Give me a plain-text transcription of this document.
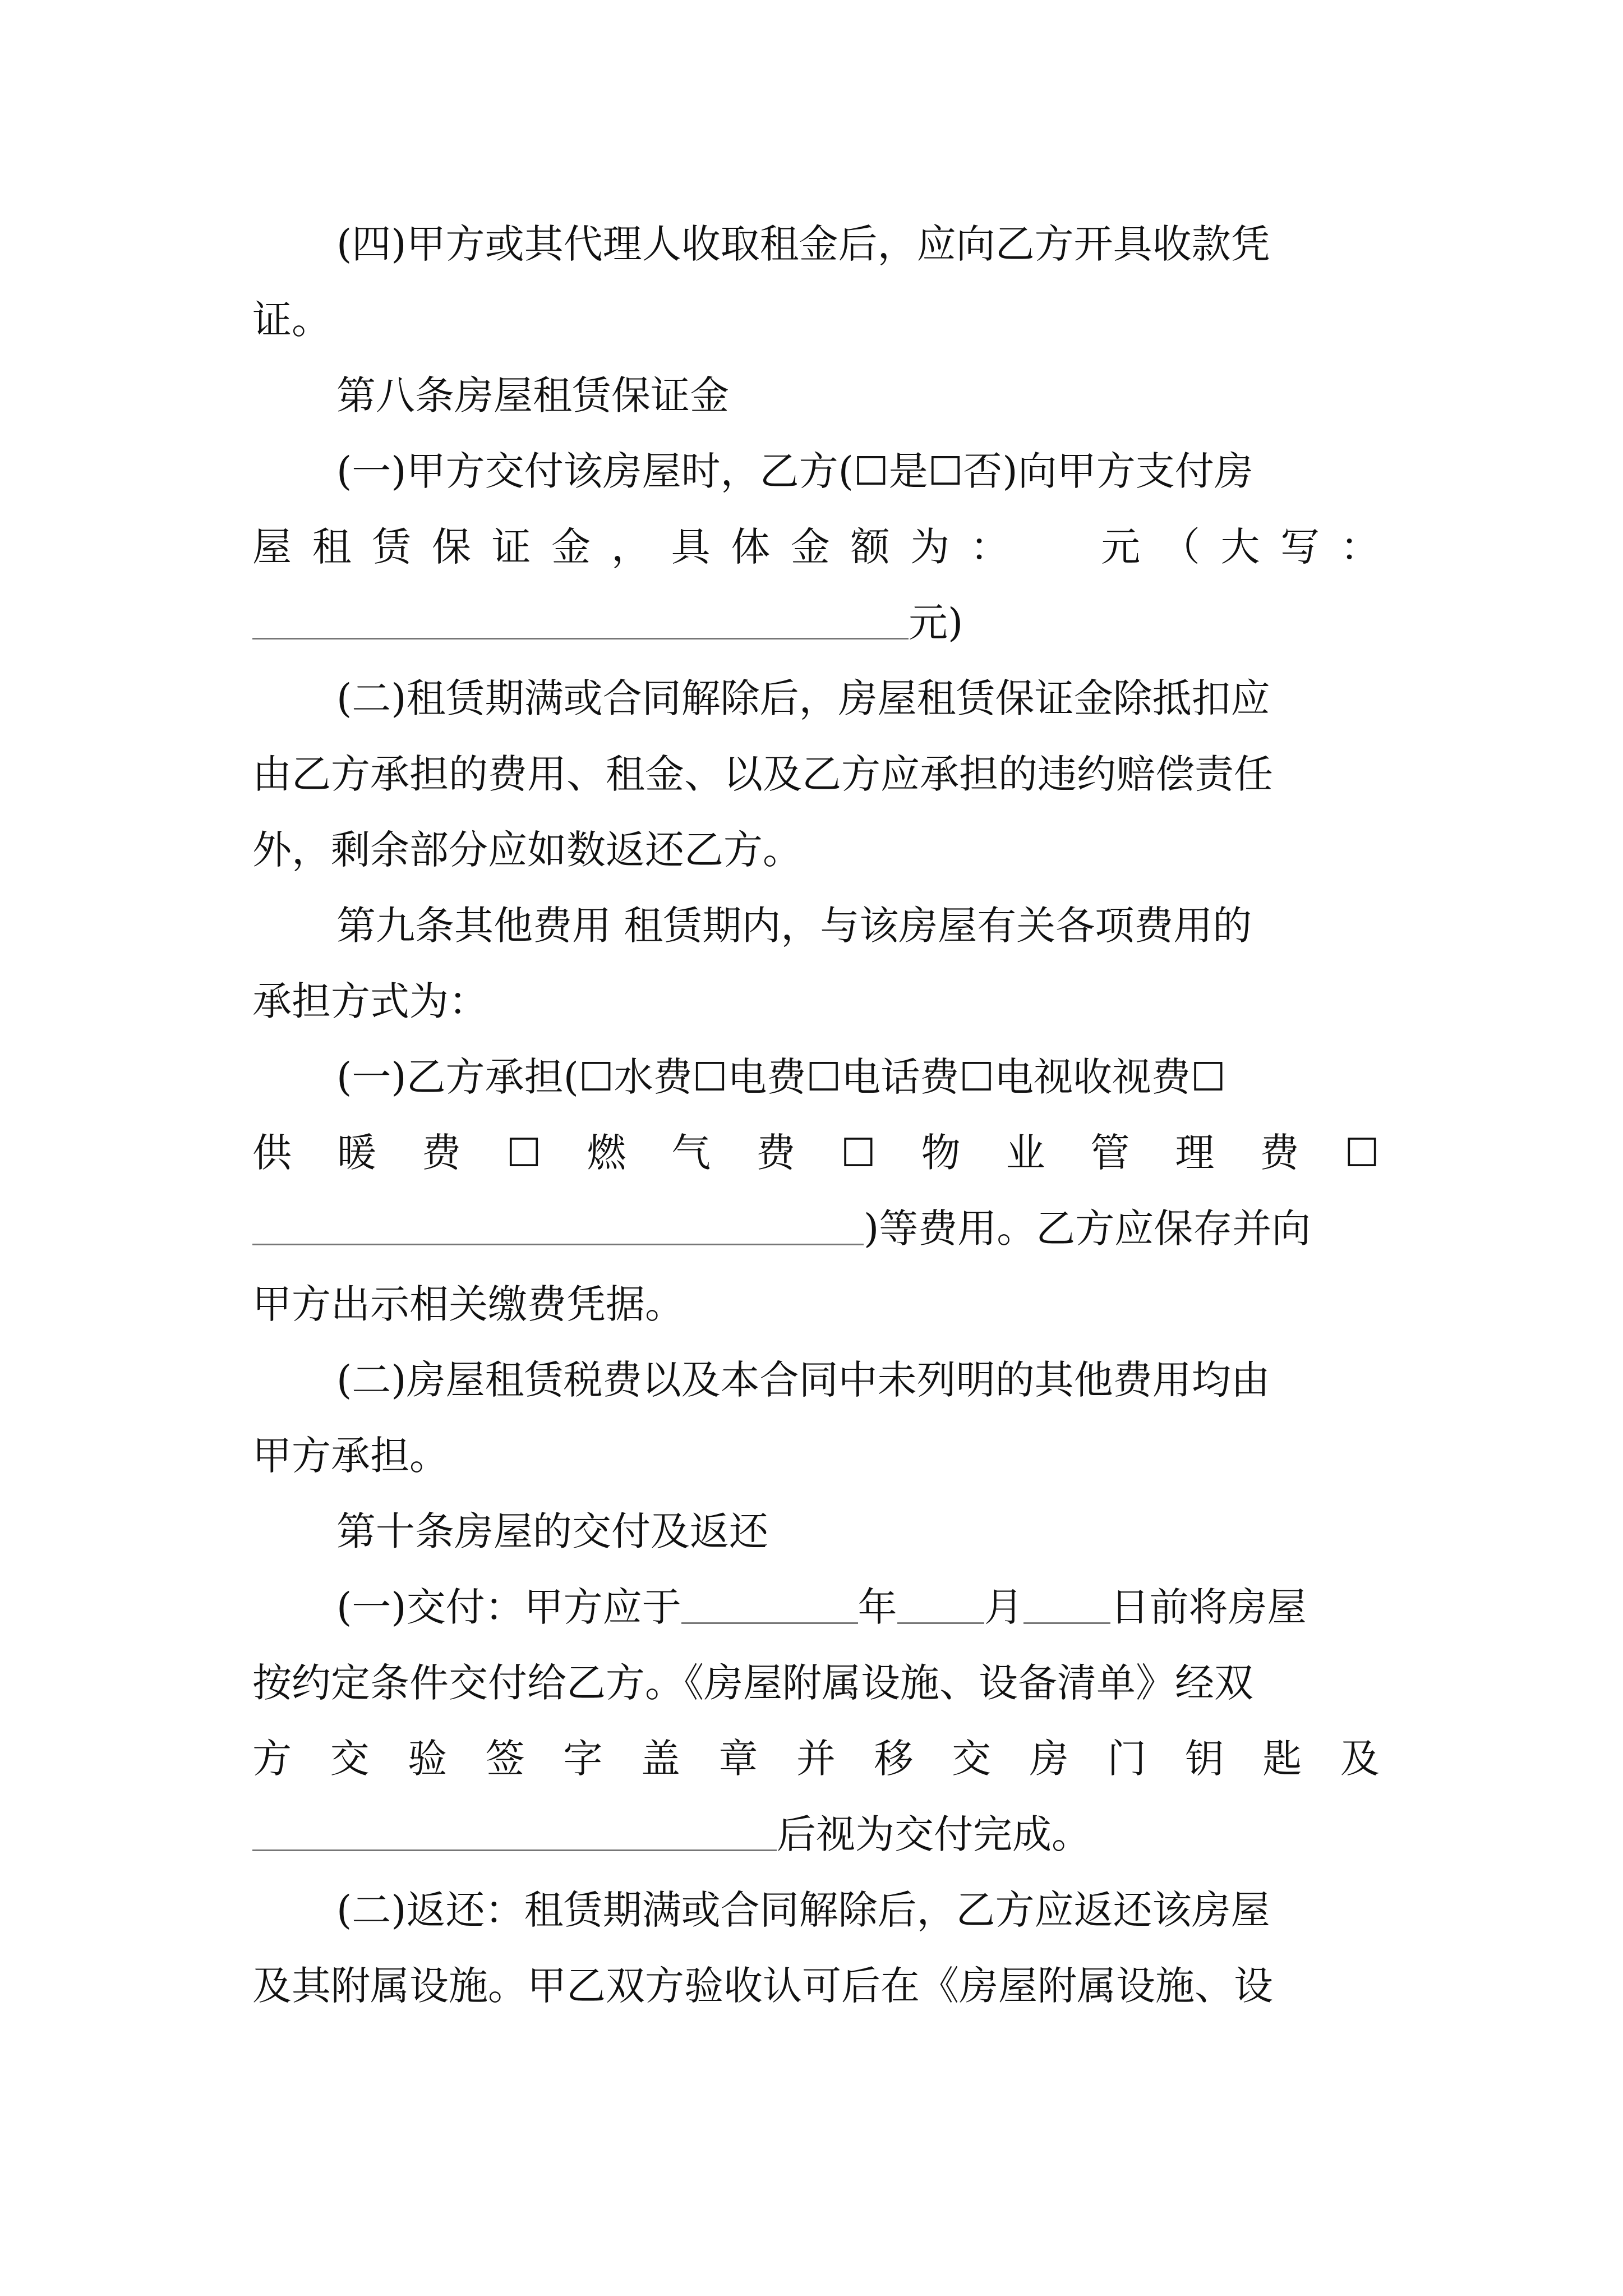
(四)甲方或其代理人收取租金后，应向乙方开具收款凭
证。
第八条房屋租赁保证金
(一)甲方交付该房屋时，乙方(☐是☐否)向甲方支付房
屋 租 赁 保 证 金 ， 具 体 金 额 为 ： 元 （ 大 写 ：
元)
(二)租赁期满或合同解除后，房屋租赁保证金除抵扣应
由乙方承担的费用、租金、以及乙方应承担的违约赔偿责任
外，剩余部分应如数返还乙方。
第九条其他费用 租赁期内，与该房屋有关各项费用的
承担方式为：
(一)乙方承担(☐水费☐电费☐电话费☐电视收视费☐
供 暖 费 ☐ 燃 气 费 ☐ 物 业 管 理 费 ☐
)等费用。乙方应保存并向
甲方出示相关缴费凭据。
(二)房屋租赁税费以及本合同中未列明的其他费用均由
甲方承担。
第十条房屋的交付及返还
(一)交付：甲方应于	年 月 日前将房屋
按约定条件交付给乙方。《房屋附属设施、设备清单》经双
方 交 验 签 字 盖 章 并 移 交 房 门 钥 匙 及
后视为交付完成。
(二)返还：租赁期满或合同解除后，乙方应返还该房屋
及其附属设施。甲乙双方验收认可后在《房屋附属设施、设
